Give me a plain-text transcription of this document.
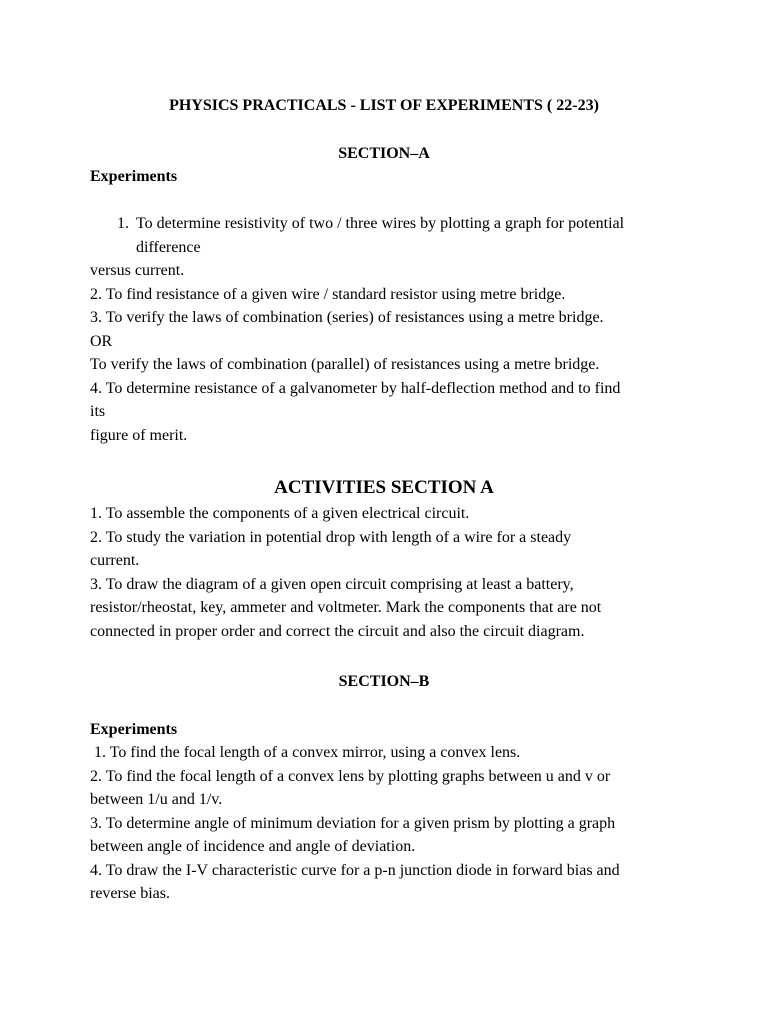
PHYSICS PRACTICALS - LIST OF EXPERIMENTS ( 22-23)
SECTION–A
Experiments
1. To determine resistivity of two / three wires by plotting a graph for potential
difference
versus current.
2. To find resistance of a given wire / standard resistor using metre bridge.
3. To verify the laws of combination (series) of resistances using a metre bridge.
OR
To verify the laws of combination (parallel) of resistances using a metre bridge.
4. To determine resistance of a galvanometer by half-deflection method and to find
its
figure of merit.
ACTIVITIES SECTION A
1. To assemble the components of a given electrical circuit.
2. To study the variation in potential drop with length of a wire for a steady
current.
3. To draw the diagram of a given open circuit comprising at least a battery,
resistor/rheostat, key, ammeter and voltmeter. Mark the components that are not
connected in proper order and correct the circuit and also the circuit diagram.
SECTION–B
Experiments
1. To find the focal length of a convex mirror, using a convex lens.
2. To find the focal length of a convex lens by plotting graphs between u and v or
between 1/u and 1/v.
3. To determine angle of minimum deviation for a given prism by plotting a graph
between angle of incidence and angle of deviation.
4. To draw the I-V characteristic curve for a p-n junction diode in forward bias and
reverse bias.
